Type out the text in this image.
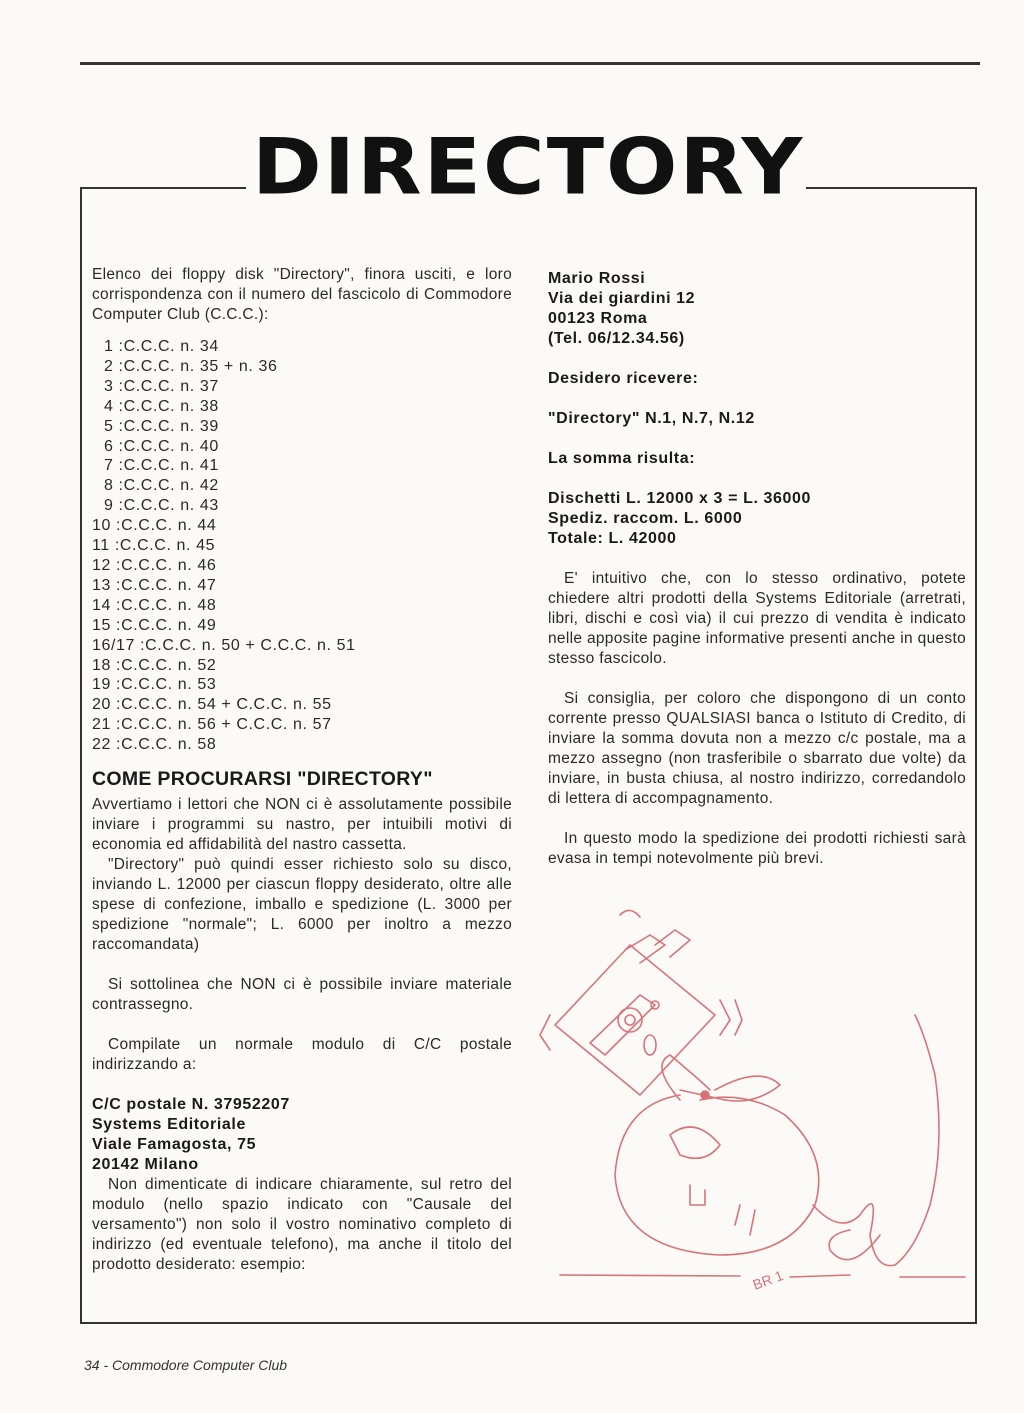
DIRECTORY

Elenco dei floppy disk "Directory", finora usciti, e loro corrispondenza con il numero del fascicolo di Commodore Computer Club (C.C.C.):

1 :C.C.C. n. 34
2 :C.C.C. n. 35 + n. 36
3 :C.C.C. n. 37
4 :C.C.C. n. 38
5 :C.C.C. n. 39
6 :C.C.C. n. 40
7 :C.C.C. n. 41
8 :C.C.C. n. 42
9 :C.C.C. n. 43
10 :C.C.C. n. 44
11 :C.C.C. n. 45
12 :C.C.C. n. 46
13 :C.C.C. n. 47
14 :C.C.C. n. 48
15 :C.C.C. n. 49
16/17 :C.C.C. n. 50 + C.C.C. n. 51
18 :C.C.C. n. 52
19 :C.C.C. n. 53
20 :C.C.C. n. 54 + C.C.C. n. 55
21 :C.C.C. n. 56 + C.C.C. n. 57
22 :C.C.C. n. 58
COME PROCURARSI "DIRECTORY"

Avvertiamo i lettori che NON ci è assolutamente possibile inviare i programmi su nastro, per intuibili motivi di economia ed affidabilità del nastro cassetta.

"Directory" può quindi esser richiesto solo su disco, inviando L. 12000 per ciascun floppy desiderato, oltre alle spese di confezione, imballo e spedizione (L. 3000 per spedizione "normale"; L. 6000 per inoltro a mezzo raccomandata)

Si sottolinea che NON ci è possibile inviare materiale contrassegno.

Compilate un normale modulo di C/C postale indirizzando a:

C/C postale N. 37952207
Systems Editoriale
Viale Famagosta, 75
20142 Milano

Non dimenticate di indicare chiaramente, sul retro del modulo (nello spazio indicato con "Causale del versamento") non solo il vostro nominativo completo di indirizzo (ed eventuale telefono), ma anche il titolo del prodotto desiderato: esempio:

Mario Rossi
Via dei giardini 12
00123 Roma
(Tel. 06/12.34.56)
Desidero ricevere:
"Directory" N.1, N.7, N.12
La somma risulta:
Dischetti L. 12000 x 3 = L. 36000
Spediz. raccom. L. 6000
Totale: L. 42000

E' intuitivo che, con lo stesso ordinativo, potete chiedere altri prodotti della Systems Editoriale (arretrati, libri, dischi e così via) il cui prezzo di vendita è indicato nelle apposite pagine informative presenti anche in questo stesso fascicolo.

Si consiglia, per coloro che dispongono di un conto corrente presso QUALSIASI banca o Istituto di Credito, di inviare la somma dovuta non a mezzo c/c postale, ma a mezzo assegno (non trasferibile o sbarrato due volte) da inviare, in busta chiusa, al nostro indirizzo, corredandolo di lettera di accompagnamento.

In questo modo la spedizione dei prodotti richiesti sarà evasa in tempi notevolmente più brevi.

BR 1
34 - Commodore Computer Club
